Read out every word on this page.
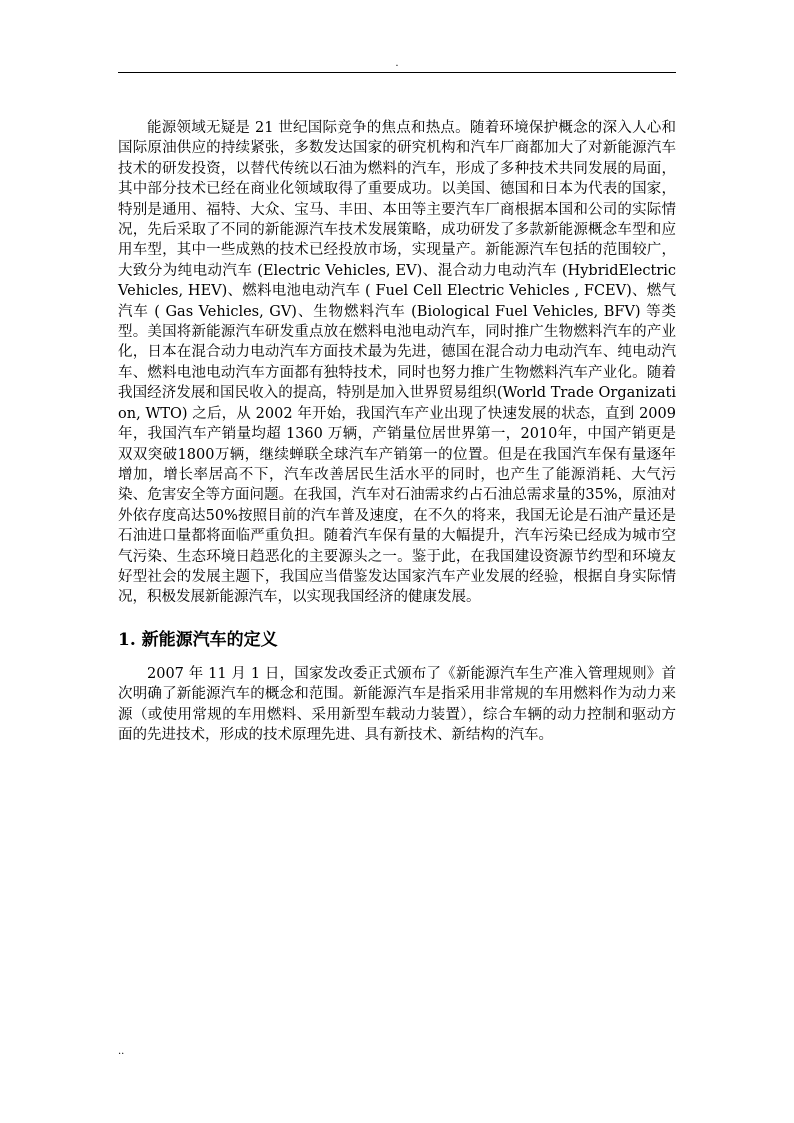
.

能源领域无疑是 21 世纪国际竞争的焦点和热点。随着环境保护概念的深入人心和国际原油供应的持续紧张，多数发达国家的研究机构和汽车厂商都加大了对新能源汽车技术的研发投资，以替代传统以石油为燃料的汽车，形成了多种技术共同发展的局面，其中部分技术已经在商业化领域取得了重要成功。以美国、德国和日本为代表的国家，特别是通用、福特、大众、宝马、丰田、本田等主要汽车厂商根据本国和公司的实际情况，先后采取了不同的新能源汽车技术发展策略，成功研发了多款新能源概念车型和应用车型，其中一些成熟的技术已经投放市场，实现量产。新能源汽车包括的范围较广，大致分为纯电动汽车 (Electric Vehicles, EV)、混合动力电动汽车 (HybridElectricVehicles, HEV)、燃料电池电动汽车 ( Fuel Cell Electric Vehicles , FCEV)、燃气汽车 ( Gas Vehicles, GV)、生物燃料汽车 (Biological Fuel Vehicles, BFV) 等类型。美国将新能源汽车研发重点放在燃料电池电动汽车，同时推广生物燃料汽车的产业化，日本在混合动力电动汽车方面技术最为先进，德国在混合动力电动汽车、纯电动汽车、燃料电池电动汽车方面都有独特技术，同时也努力推广生物燃料汽车产业化。随着我国经济发展和国民收入的提高，特别是加入世界贸易组织(World Trade Organization, WTO) 之后，从 2002 年开始，我国汽车产业出现了快速发展的状态，直到 2009 年，我国汽车产销量均超 1360 万辆，产销量位居世界第一，2010年，中国产销更是双双突破1800万辆，继续蝉联全球汽车产销第一的位置。但是在我国汽车保有量逐年增加，增长率居高不下，汽车改善居民生活水平的同时，也产生了能源消耗、大气污染、危害安全等方面问题。在我国，汽车对石油需求约占石油总需求量的35%，原油对外依存度高达50%按照目前的汽车普及速度，在不久的将来，我国无论是石油产量还是石油进口量都将面临严重负担。随着汽车保有量的大幅提升，汽车污染已经成为城市空气污染、生态环境日趋恶化的主要源头之一。鉴于此，在我国建设资源节约型和环境友好型社会的发展主题下，我国应当借鉴发达国家汽车产业发展的经验，根据自身实际情况，积极发展新能源汽车，以实现我国经济的健康发展。

1. 新能源汽车的定义

2007 年 11 月 1 日，国家发改委正式颁布了《新能源汽车生产准入管理规则》首次明确了新能源汽车的概念和范围。新能源汽车是指采用非常规的车用燃料作为动力来源（或使用常规的车用燃料、采用新型车载动力装置），综合车辆的动力控制和驱动方面的先进技术，形成的技术原理先进、具有新技术、新结构的汽车。

..
